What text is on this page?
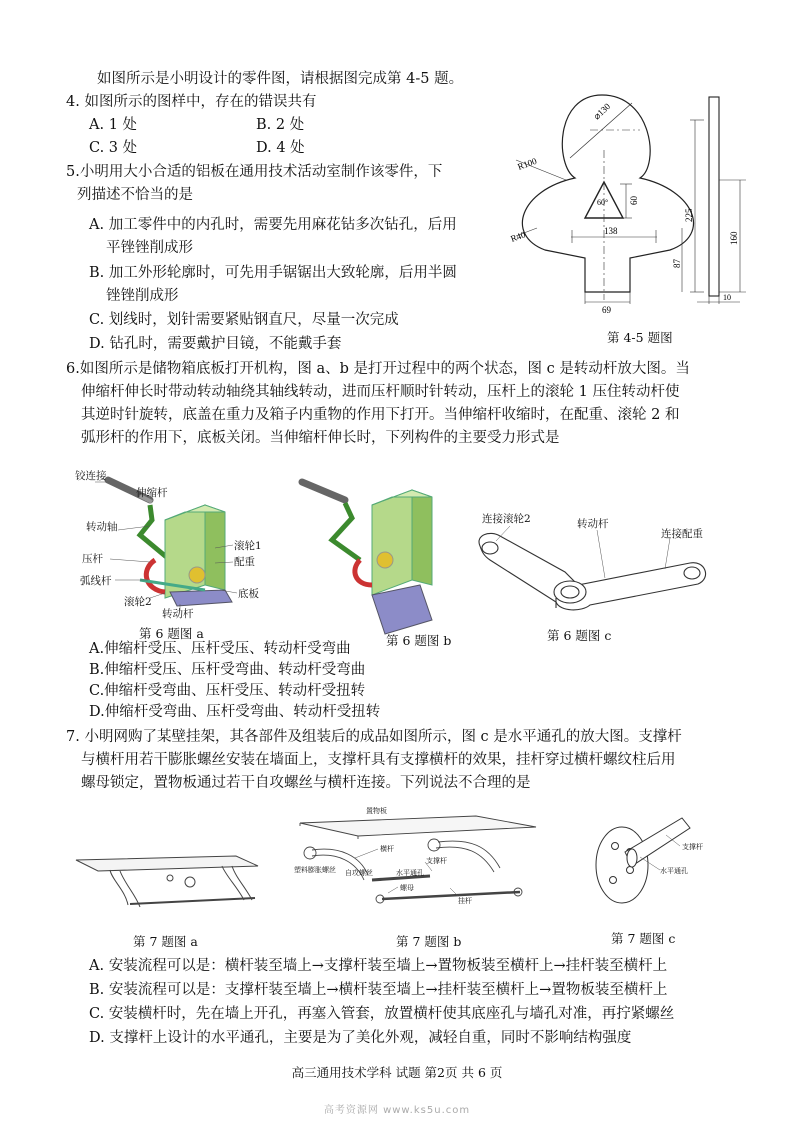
如图所示是小明设计的零件图，请根据图完成第 4-5 题。
4. 如图所示的图样中，存在的错误共有
A. 1 处	B. 2 处
C. 3 处	D. 4 处
5.小明用大小合适的铝板在通用技术活动室制作该零件，下
列描述不恰当的是
A. 加工零件中的内孔时，需要先用麻花钻多次钻孔，后用
平锉锉削成形
B. 加工外形轮廓时，可先用手锯锯出大致轮廓，后用半圆
锉锉削成形
C. 划线时，划针需要紧贴钢直尺，尽量一次完成
D. 钻孔时，需要戴护目镜，不能戴手套
⌀130
R100
R40
60° 60
138
225
87
160
69
10
第 4-5 题图
6.如图所示是储物箱底板打开机构，图 a、b 是打开过程中的两个状态，图 c 是转动杆放大图。当
伸缩杆伸长时带动转动轴绕其轴线转动，进而压杆顺时针转动，压杆上的滚轮 1 压住转动杆使
其逆时针旋转，底盖在重力及箱子内重物的作用下打开。当伸缩杆收缩时，在配重、滚轮 2 和
弧形杆的作用下，底板关闭。当伸缩杆伸长时，下列构件的主要受力形式是
铰连接
伸缩杆
转动轴
压杆
弧线杆
滚轮2
滚轮1
配重
底板
转动杆
第 6 题图 a	第 6 题图 b
连接滚轮2	转动杆
连接配重
第 6 题图 c
A.伸缩杆受压、压杆受压、转动杆受弯曲
B.伸缩杆受压、压杆受弯曲、转动杆受弯曲
C.伸缩杆受弯曲、压杆受压、转动杆受扭转
D.伸缩杆受弯曲、压杆受弯曲、转动杆受扭转
7. 小明网购了某壁挂架，其各部件及组装后的成品如图所示，图 c 是水平通孔的放大图。支撑杆
与横杆用若干膨胀螺丝安装在墙面上，支撑杆具有支撑横杆的效果，挂杆穿过横杆螺纹柱后用
螺母锁定，置物板通过若干自攻螺丝与横杆连接。下列说法不合理的是
第 7 题图 a
置物板
横杆
塑料膨胀螺丝 自攻螺丝
支撑杆
水平通孔
螺母
挂杆
第 7 题图 b
支撑杆
水平通孔
第 7 题图 c
A. 安装流程可以是：横杆装至墙上→支撑杆装至墙上→置物板装至横杆上→挂杆装至横杆上
B. 安装流程可以是：支撑杆装至墙上→横杆装至墙上→挂杆装至横杆上→置物板装至横杆上
C. 安装横杆时，先在墙上开孔，再塞入管套，放置横杆使其底座孔与墙孔对准，再拧紧螺丝
D. 支撑杆上设计的水平通孔，主要是为了美化外观，减轻自重，同时不影响结构强度
高三通用技术学科 试题 第2页 共 6 页
高考资源网 www.ks5u.com
